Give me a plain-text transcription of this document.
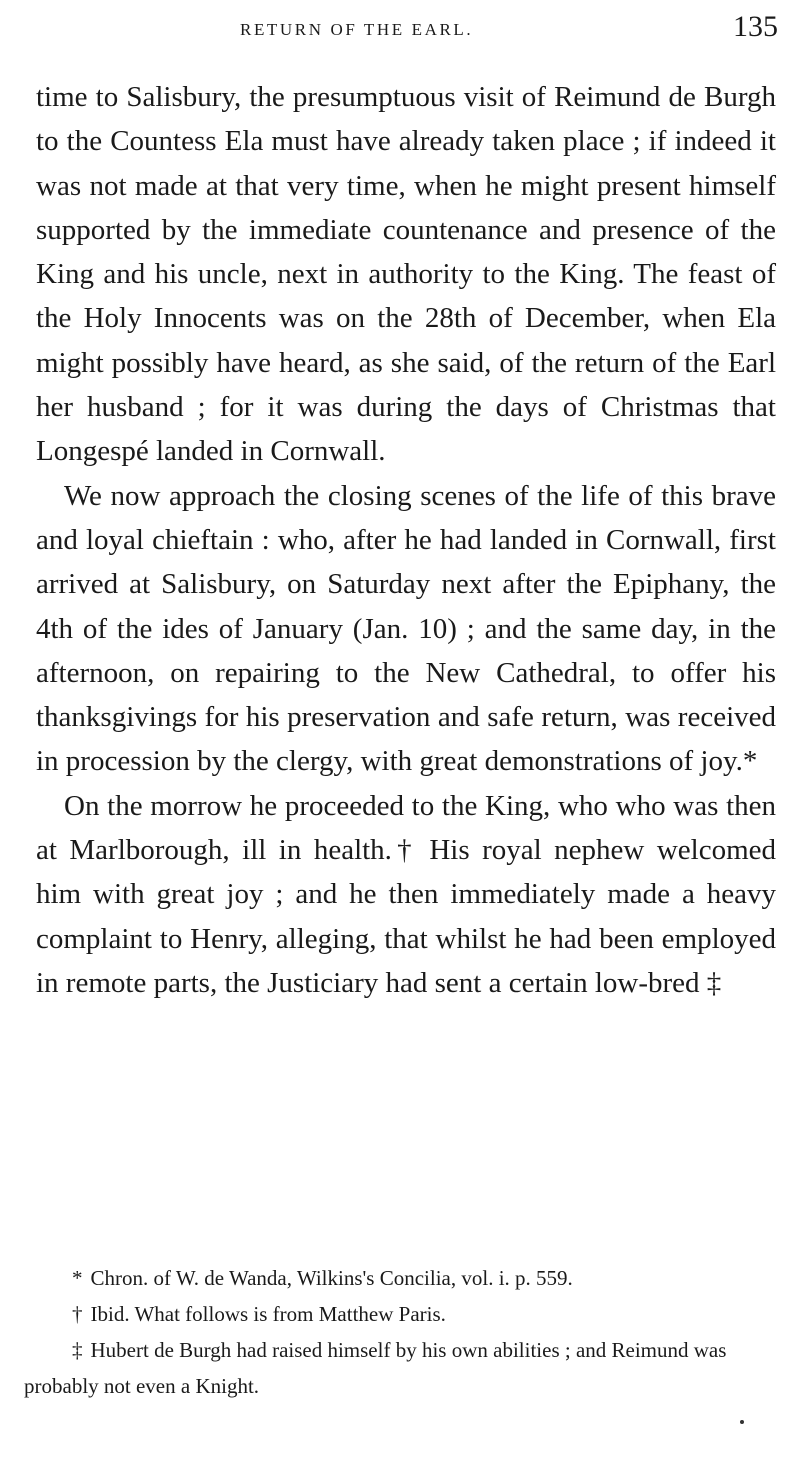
RETURN OF THE EARL.	135

time to Salisbury, the presumptuous visit of Reimund de Burgh to the Countess Ela must have already taken place ; if indeed it was not made at that very time, when he might present himself supported by the immediate countenance and presence of the King and his uncle, next in authority to the King. The feast of the Holy Innocents was on the 28th of December, when Ela might possibly have heard, as she said, of the return of the Earl her husband ; for it was during the days of Christmas that Longespé landed in Cornwall.

We now approach the closing scenes of the life of this brave and loyal chieftain : who, after he had landed in Cornwall, first arrived at Salisbury, on Saturday next after the Epiphany, the 4th of the ides of January (Jan. 10) ; and the same day, in the afternoon, on repairing to the New Cathedral, to offer his thanksgivings for his preservation and safe return, was received in procession by the clergy, with great demonstrations of joy.*

On the morrow he proceeded to the King, who who was then at Marlborough, ill in health.† His royal nephew welcomed him with great joy ; and he then immediately made a heavy complaint to Henry, alleging, that whilst he had been employed in remote parts, the Justiciary had sent a certain low-bred ‡

* Chron. of W. de Wanda, Wilkins's Concilia, vol. i. p. 559.

† Ibid. What follows is from Matthew Paris.

‡ Hubert de Burgh had raised himself by his own abilities ; and Reimund was probably not even a Knight.
